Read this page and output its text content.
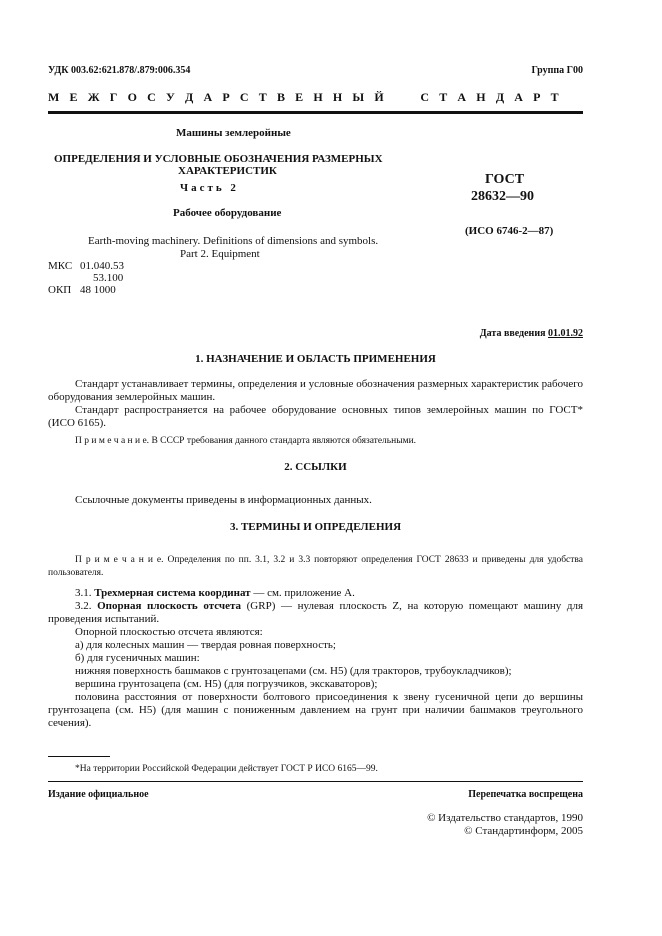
УДК 003.62:621.878/.879:006.354	Группа Г00
М Е Ж Г О С У Д А Р С Т В Е Н Н Ы Й     С Т А Н Д А Р Т
Машины землеройные
ОПРЕДЕЛЕНИЯ И УСЛОВНЫЕ ОБОЗНАЧЕНИЯ РАЗМЕРНЫХ
ХАРАКТЕРИСТИК
Часть 2
Рабочее оборудование
Earth-moving machinery. Definitions of dimensions and symbols.
Part 2. Equipment
ГОСТ
28632—90
(ИСО 6746-2—87)
МКС 01.040.53
53.100
ОКП 48 1000
Дата введения 01.01.92
1. НАЗНАЧЕНИЕ И ОБЛАСТЬ ПРИМЕНЕНИЯ
Стандарт устанавливает термины, определения и условные обозначения размерных характеристик рабочего оборудования землеройных машин.
Стандарт распространяется на рабочее оборудование основных типов землеройных машин по ГОСТ* (ИСО 6165).
П р и м е ч а н и е. В СССР требования данного стандарта являются обязательными.
2. ССЫЛКИ
Ссылочные документы приведены в информационных данных.
3. ТЕРМИНЫ И ОПРЕДЕЛЕНИЯ
П р и м е ч а н и е. Определения по пп. 3.1, 3.2 и 3.3 повторяют определения ГОСТ 28633 и приведены для удобства пользователя.
3.1. Трехмерная система координат — см. приложение А.
3.2. Опорная плоскость отсчета (GRP) — нулевая плоскость Z, на которую помещают машину для проведения испытаний.
Опорной плоскостью отсчета являются:
а) для колесных машин — твердая ровная поверхность;
б) для гусеничных машин:
нижняя поверхность башмаков с грунтозацепами (см. Н5) (для тракторов, трубоукладчиков);
вершина грунтозацепа (см. Н5) (для погрузчиков, экскаваторов);
половина расстояния от поверхности болтового присоединения к звену гусеничной цепи до вершины грунтозацепа (см. Н5) (для машин с пониженным давлением на грунт при наличии башмаков треугольного сечения).
*На территории Российской Федерации действует ГОСТ Р ИСО 6165—99.
Издание официальное	Перепечатка воспрещена
© Издательство стандартов, 1990
© Стандартинформ, 2005
